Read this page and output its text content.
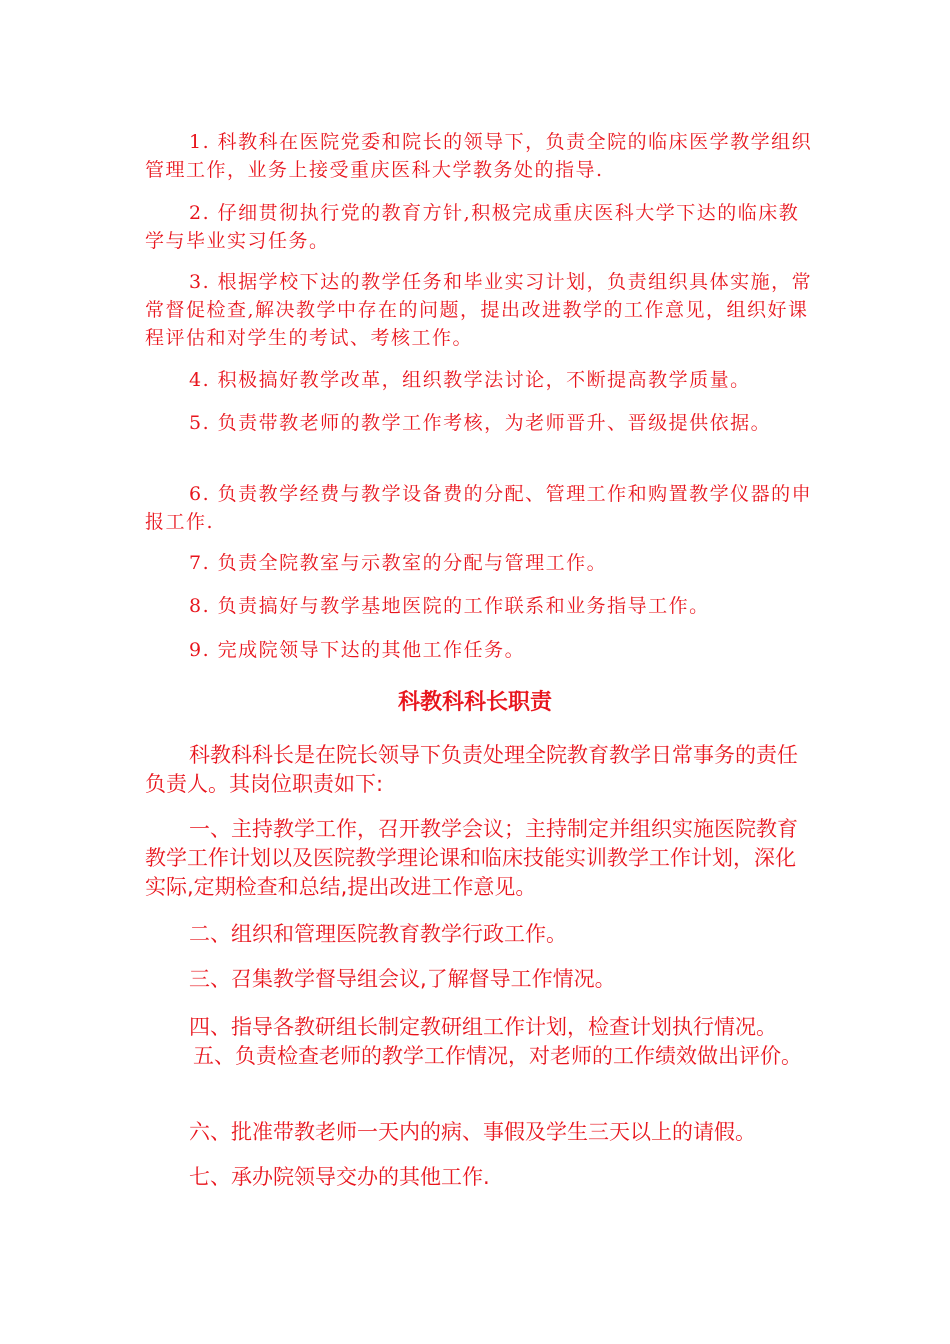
1. 科教科在医院党委和院长的领导下，负责全院的临床医学教学组织管理工作，业务上接受重庆医科大学教务处的指导.

2. 仔细贯彻执行党的教育方针,积极完成重庆医科大学下达的临床教学与毕业实习任务。

3. 根据学校下达的教学任务和毕业实习计划，负责组织具体实施，常常督促检查,解决教学中存在的问题，提出改进教学的工作意见，组织好课程评估和对学生的考试、考核工作。

4. 积极搞好教学改革，组织教学法讨论，不断提高教学质量。

5. 负责带教老师的教学工作考核，为老师晋升、晋级提供依据。

6. 负责教学经费与教学设备费的分配、管理工作和购置教学仪器的申报工作.

7. 负责全院教室与示教室的分配与管理工作。

8. 负责搞好与教学基地医院的工作联系和业务指导工作。

9. 完成院领导下达的其他工作任务。

科教科科长职责

科教科科长是在院长领导下负责处理全院教育教学日常事务的责任负责人。其岗位职责如下:

一、主持教学工作，召开教学会议；主持制定并组织实施医院教育教学工作计划以及医院教学理论课和临床技能实训教学工作计划，深化实际,定期检查和总结,提出改进工作意见。

二、组织和管理医院教育教学行政工作。

三、召集教学督导组会议,了解督导工作情况。

四、指导各教研组长制定教研组工作计划，检查计划执行情况。

五、负责检查老师的教学工作情况，对老师的工作绩效做出评价。

六、批准带教老师一天内的病、事假及学生三天以上的请假。

七、承办院领导交办的其他工作.
